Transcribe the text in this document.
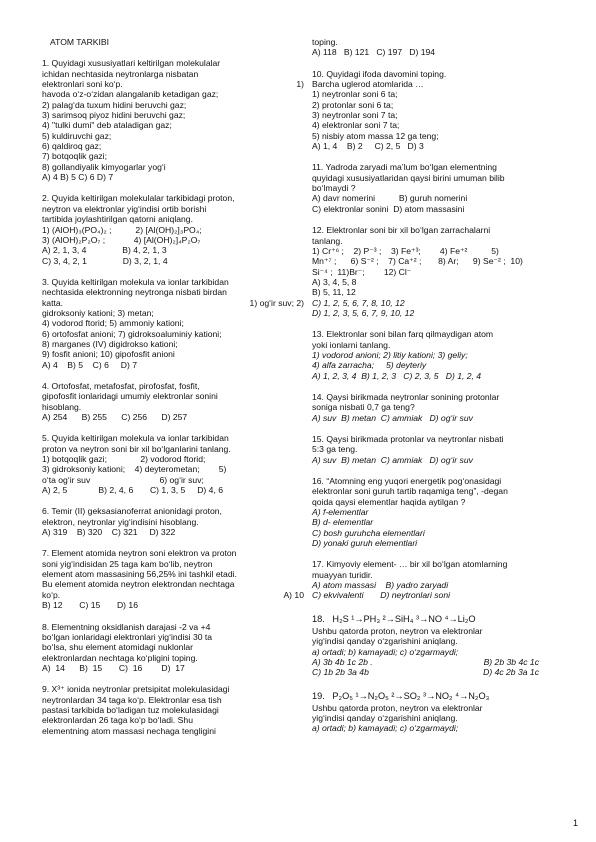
ATOM TARKIBI
1. Quyidagi xususiyatlari keltirilgan molekulalar
ichidan nechtasida neytronlarga nisbatan
elektronlari soni ko‘p.	1)
havoda o‘z-o‘zidan alangalanib ketadigan gaz;
2) palag‘da tuxum hidini beruvchi gaz;
3) sarimsoq piyoz hidini beruvchi gaz;
4) "tulki dumi" deb ataladigan gaz;
5) kuldiruvchi gaz;
6) qaldiroq gaz;
7) botqoqlik gazi;
8) gollandiyalik kimyogarlar yog‘i
A) 4 B) 5 C) 6 D) 7
2. Quyida keltirilgan molekulalar tarkibidagi proton,
neytron va elektronlar yig‘indisi ortib borishi
tartibida joylashtirilgan qatorni aniqlang.
1) (AlOH)₃(PO₄)₂ ;          2) [Al(OH)₂]₃PO₄;
3) (AlOH)₂P₂O₇ ;            4) [Al(OH)₂]₄P₂O₇
A) 2, 1, 3, 4               B) 4, 2, 1, 3
C) 3, 4, 2, 1               D) 3, 2, 1, 4
3. Quyida keltirilgan molekula va ionlar tarkibidan
nechtasida elektronning neytronga nisbati birdan
katta.	1) og‘ir suv; 2)
gidroksoniy kationi; 3) metan;
4) vodorod ftorid; 5) ammoniy kationi;
6) ortofosfat anioni; 7) gidroksoaluminiy kationi;
8) marganes (IV) digidrokso kationi;
9) fosfit anioni; 10) gipofosfit anioni
A) 4    B) 5    C) 6     D) 7
4. Ortofosfat, metafosfat, pirofosfat, fosfit,
gipofosfit ionlaridagi umumiy elektronlar sonini
hisoblang.
A) 254      B) 255      C) 256      D) 257
5. Quyida keltirilgan molekula va ionlar tarkibidan
proton va neytron soni bir xil bo‘lganlarini tanlang.
1) botqoqlik gazi;              2) vodorod ftorid;
3) gidroksoniy kationi;    4) deyterometan;        5)
o‘ta og‘ir suv                             6) og‘ir suv;
A) 2, 5             B) 2, 4, 6       C) 1, 3, 5     D) 4, 6
6. Temir (II) geksasianoferrat anionidagi proton,
elektron, neytronlar yig‘indisini hisoblang.
A) 319    B) 320    C) 321     D) 322
7. Element atomida neytron soni elektron va proton
soni yig‘indisidan 25 taga kam bo‘lib, neytron
element atom massasining 56,25% ini tashkil etadi.
Bu element atomida neytron elektrondan nechtaga
ko‘p.	A) 10
B) 12       C) 15       D) 16
8. Elementning oksidlanish darajasi -2 va +4
bo‘lgan ionlaridagi elektronlari yig‘indisi 30 ta
bo‘lsa, shu element atomidagi nuklonlar
elektronlardan nechtaga ko‘pligini toping.
A)  14      B)  15       C)  16        D)  17
9. X³⁺ ionida neytronlar pretsipitat molekulasidagi
neytronlardan 34 taga ko‘p. Elektronlar esa tish
pastasi tarkibida bo‘ladigan tuz molekulasidagi
elektronlardan 26 taga ko‘p bo‘ladi. Shu
elementning atom massasi nechaga tengligini
toping.
A) 118   B) 121   C) 197   D) 194
10. Quyidagi ifoda davomini toping.
Barcha uglerod atomlarida …
1) neytronlar soni 6 ta;
2) protonlar soni 6 ta;
3) neytronlar soni 7 ta;
4) elektronlar soni 7 ta;
5) nisbiy atom massa 12 ga teng;
A) 1, 4    B) 2     C) 2, 5   D) 3
11. Yadroda zaryadi ma’lum bo‘lgan elementning
quyidagi xususiyatlaridan qaysi birini umuman bilib
bo‘lmaydi ?
A) davr nomerini          B) guruh nomerini
C) elektronlar sonini  D) atom massasini
12. Elektronlar soni bir xil bo‘lgan zarrachalarni
tanlang.
1) Cr⁺⁶ ;    2) P⁻³ ;    3) Fe⁺³;        4) Fe⁺²          5)
Mn⁺⁷ ;      6) S⁻² ;    7) Ca⁺² ;       8) Ar;      9) Se⁻² ;  10)
Si⁻⁴ ;  11)Br⁻;        12) Cl⁻
A) 3, 4, 5, 8
B) 5, 11, 12
C) 1, 2, 5, 6, 7, 8, 10, 12
D) 1, 2, 3, 5, 6, 7, 9, 10, 12
13. Elektronlar soni bilan farq qilmaydigan atom
yoki ionlarni tanlang.
1) vodorod anioni; 2) litiy kationi; 3) geliy;
4) alfa zarracha;     5) deyteriy
A) 1, 2, 3, 4  B) 1, 2, 3   C) 2, 3, 5   D) 1, 2, 4
14. Qaysi birikmada neytronlar sonining protonlar
soniga nisbati 0,7 ga teng?
A) suv  B) metan  C) ammiak   D) og‘ir suv
15. Qaysi birikmada protonlar va neytronlar nisbati
5:3 ga teng.
A) suv  B) metan  C) ammiak   D) og‘ir suv
16. “Atomning eng yuqori energetik pog‘onasidagi
elektronlar soni guruh tartib raqamiga teng”, -degan
qoida qaysi elementlar haqida aytilgan ?
A) f-elementlar
B) d- elementlar
C) bosh guruhcha elementlari
D) yonaki guruh elementlari
17. Kimyoviy element- … bir xil bo‘lgan atomlarning
muayyan turidir.
A) atom massasi    B) yadro zaryadi
C) ekvivalenti       D) neytronlari soni
18.   H₂S ¹→PH₃ ²→SiH₄ ³→NO ⁴→Li₂O
Ushbu qatorda proton, neytron va elektronlar
yig‘indisi qanday o‘zgarishini aniqlang.
a) ortadi; b) kamayadi; c) o‘zgarmaydi;
A) 3b 4b 1c 2b .	B) 2b 3b 4c 1c
C) 1b 2b 3a 4b	D) 4c 2b 3a 1c
19.   P₂O₅ ¹→N₂O₅ ²→SO₂ ³→NO₂ ⁴→N₂O₃
Ushbu qatorda proton, neytron va elektronlar
yig‘indisi qanday o‘zgarishini aniqlang.
a) ortadi; b) kamayadi; c) o‘zgarmaydi;
1
